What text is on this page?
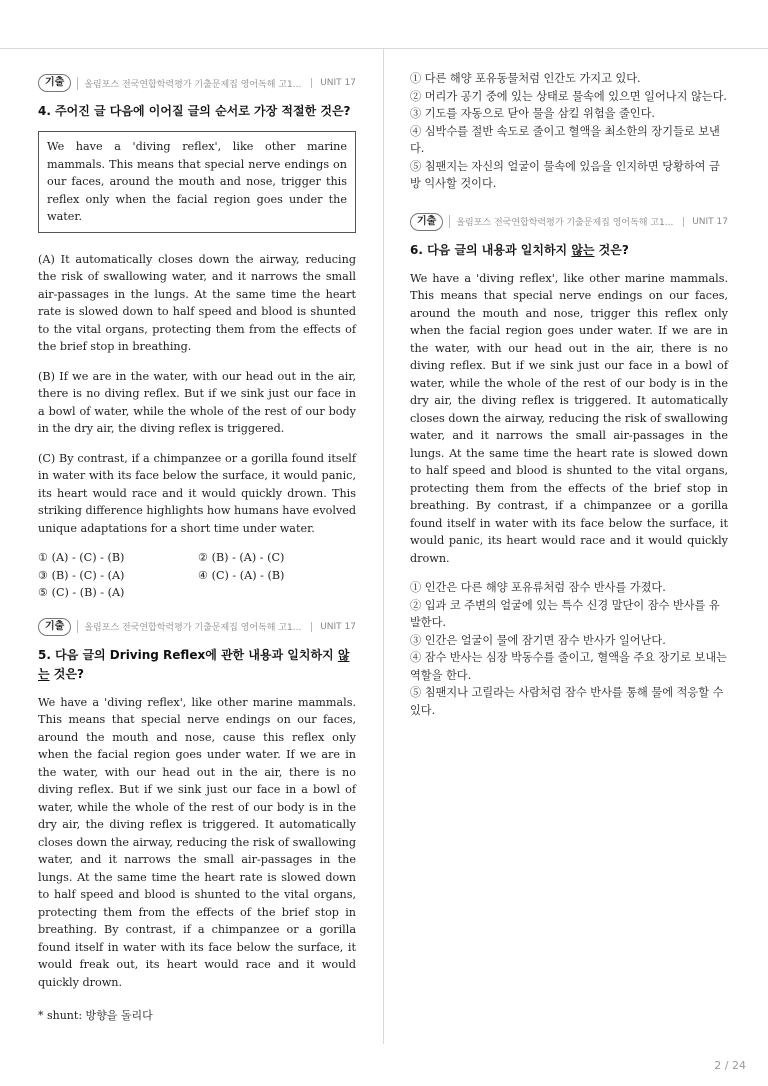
기출	올림포스 전국연합학력평가 기출문제집 영어독해 고1...	UNIT 17
4. 주어진 글 다음에 이어질 글의 순서로 가장 적절한 것은?
We have a 'diving reflex', like other marine mammals. This means that special nerve endings on our faces, around the mouth and nose, trigger this reflex only when the facial region goes under the water.

(A) It automatically closes down the airway, reducing the risk of swallowing water, and it narrows the small air-passages in the lungs. At the same time the heart rate is slowed down to half speed and blood is shunted to the vital organs, protecting them from the effects of the brief stop in breathing.

(B) If we are in the water, with our head out in the air, there is no diving reflex. But if we sink just our face in a bowl of water, while the whole of the rest of our body in the dry air, the diving reflex is triggered.

(C) By contrast, if a chimpanzee or a gorilla found itself in water with its face below the surface, it would panic, its heart would race and it would quickly drown. This striking difference highlights how humans have evolved unique adaptations for a short time under water.

① (A) - (C) - (B)	② (B) - (A) - (C)
③ (B) - (C) - (A)	④ (C) - (A) - (B)
⑤ (C) - (B) - (A)
기출	올림포스 전국연합학력평가 기출문제집 영어독해 고1...	UNIT 17
5. 다음 글의 Driving Reflex에 관한 내용과 일치하지 않는 것은?

We have a 'diving reflex', like other marine mammals. This means that special nerve endings on our faces, around the mouth and nose, cause this reflex only when the facial region goes under water. If we are in the water, with our head out in the air, there is no diving reflex. But if we sink just our face in a bowl of water, while the whole of the rest of our body is in the dry air, the diving reflex is triggered. It automatically closes down the airway, reducing the risk of swallowing water, and it narrows the small air-passages in the lungs. At the same time the heart rate is slowed down to half speed and blood is shunted to the vital organs, protecting them from the effects of the brief stop in breathing. By contrast, if a chimpanzee or a gorilla found itself in water with its face below the surface, it would freak out, its heart would race and it would quickly drown.

* shunt: 방향을 돌리다
① 다른 해양 포유동물처럼 인간도 가지고 있다.
② 머리가 공기 중에 있는 상태로 물속에 있으면 일어나지 않는다.
③ 기도를 자동으로 닫아 물을 삼킬 위험을 줄인다.
④ 심박수를 절반 속도로 줄이고 혈액을 최소한의 장기들로 보낸다.
⑤ 침팬지는 자신의 얼굴이 물속에 있음을 인지하면 당황하여 금방 익사할 것이다.
기출	올림포스 전국연합학력평가 기출문제집 영어독해 고1...	UNIT 17
6. 다음 글의 내용과 일치하지 않는 것은?

We have a 'diving reflex', like other marine mammals. This means that special nerve endings on our faces, around the mouth and nose, trigger this reflex only when the facial region goes under water. If we are in the water, with our head out in the air, there is no diving reflex. But if we sink just our face in a bowl of water, while the whole of the rest of our body is in the dry air, the diving reflex is triggered. It automatically closes down the airway, reducing the risk of swallowing water, and it narrows the small air-passages in the lungs. At the same time the heart rate is slowed down to half speed and blood is shunted to the vital organs, protecting them from the effects of the brief stop in breathing. By contrast, if a chimpanzee or a gorilla found itself in water with its face below the surface, it would panic, its heart would race and it would quickly drown.

① 인간은 다른 해양 포유류처럼 잠수 반사를 가졌다.
② 입과 코 주변의 얼굴에 있는 특수 신경 말단이 잠수 반사를 유발한다.
③ 인간은 얼굴이 물에 잠기면 잠수 반사가 일어난다.
④ 잠수 반사는 심장 박동수를 줄이고, 혈액을 주요 장기로 보내는 역할을 한다.
⑤ 침팬지나 고릴라는 사람처럼 잠수 반사를 통해 물에 적응할 수 있다.
2 / 24
